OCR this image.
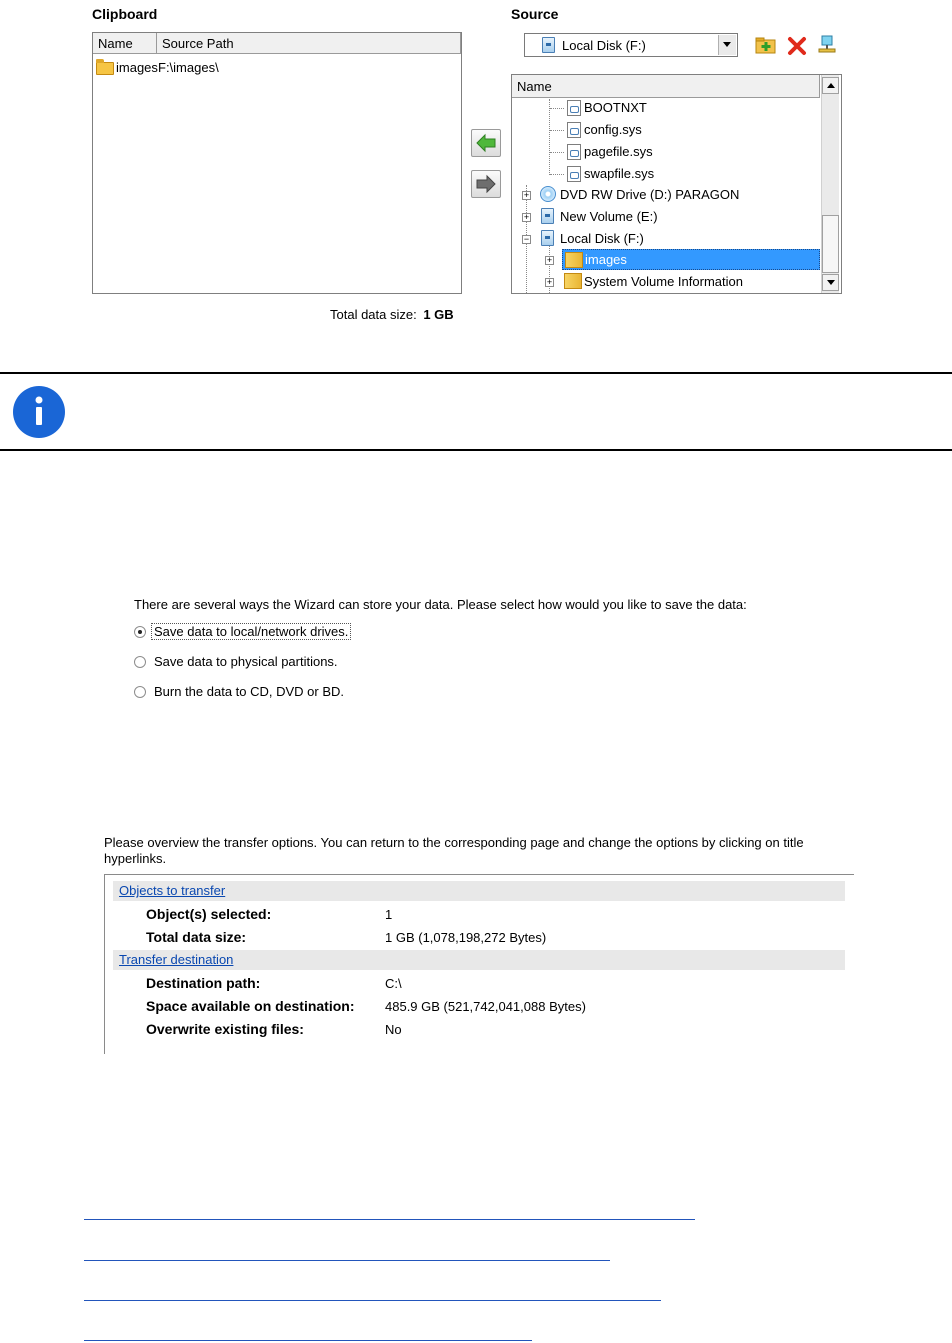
Clipboard	Source
Name	Source Path
images F:\images\
Local Disk (F:)
Name
BOOTNXT
config.sys
pagefile.sys
swapfile.sys
+	DVD RW Drive (D:) PARAGON
+	New Volume (E:)
−	Local Disk (F:)
+	images
+	System Volume Information
Total data size: 1 GB
There are several ways the Wizard can store your data. Please select how would you like to save the data:
Save data to local/network drives.
Save data to physical partitions.
Burn the data to CD, DVD or BD.
Please overview the transfer options. You can return to the corresponding page and change the options by clicking on title
hyperlinks.
Objects to transfer
Object(s) selected:	1
Total data size:	1 GB (1,078,198,272 Bytes)
Transfer destination
Destination path:	C:\
Space available on destination: 485.9 GB (521,742,041,088 Bytes)
Overwrite existing files:	No
